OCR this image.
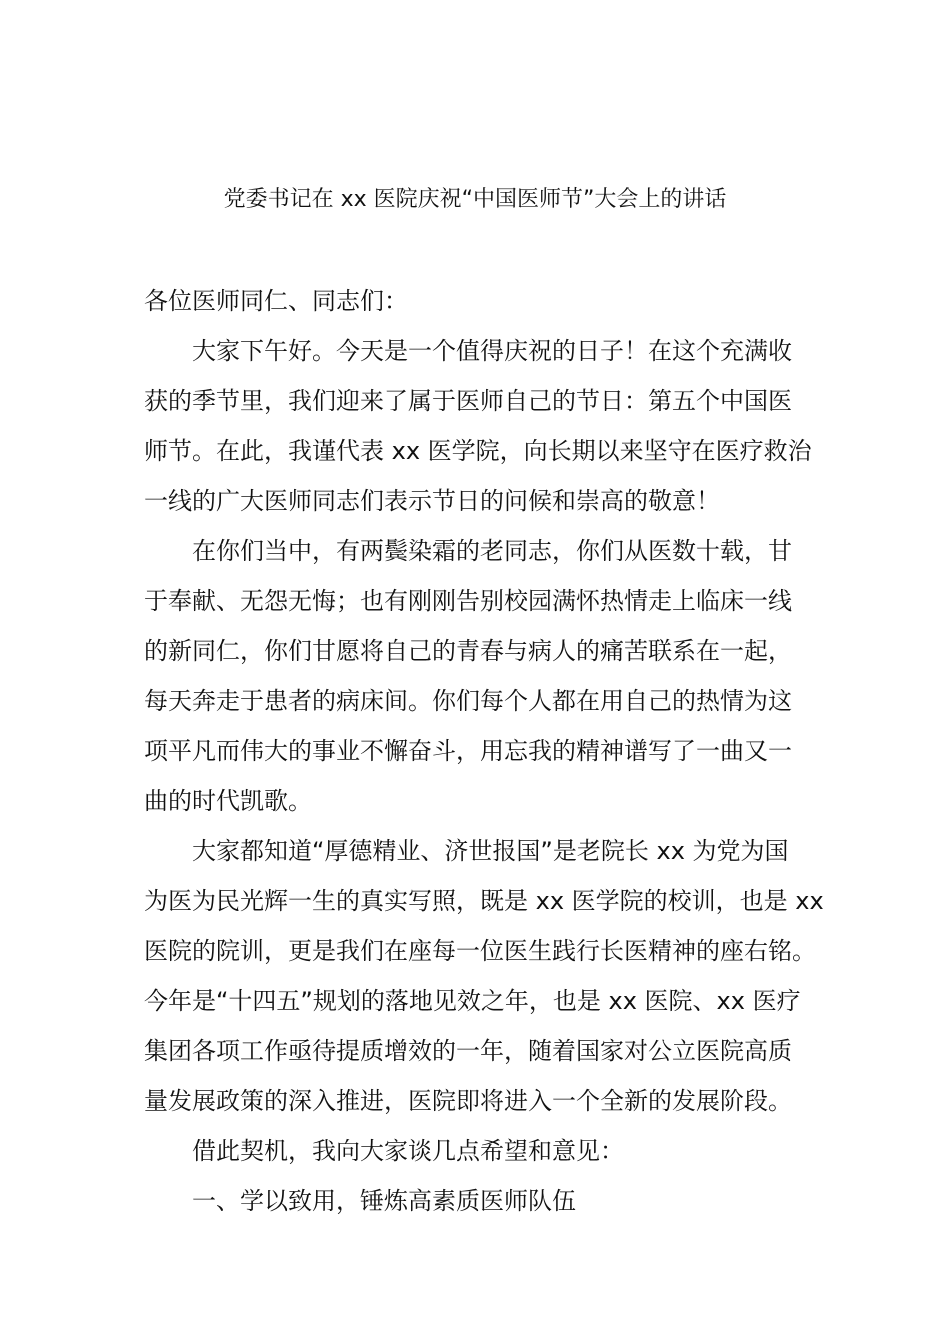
党委书记在 xx 医院庆祝“中国医师节”大会上的讲话
各位医师同仁、同志们：
大家下午好。今天是一个值得庆祝的日子！在这个充满收
获的季节里，我们迎来了属于医师自己的节日：第五个中国医
师节。在此，我谨代表 xx 医学院，向长期以来坚守在医疗救治
一线的广大医师同志们表示节日的问候和崇高的敬意！
在你们当中，有两鬓染霜的老同志，你们从医数十载，甘
于奉献、无怨无悔；也有刚刚告别校园满怀热情走上临床一线
的新同仁，你们甘愿将自己的青春与病人的痛苦联系在一起，
每天奔走于患者的病床间。你们每个人都在用自己的热情为这
项平凡而伟大的事业不懈奋斗，用忘我的精神谱写了一曲又一
曲的时代凯歌。
大家都知道“厚德精业、济世报国”是老院长 xx 为党为国
为医为民光辉一生的真实写照，既是 xx 医学院的校训，也是 xx
医院的院训，更是我们在座每一位医生践行长医精神的座右铭。
今年是“十四五”规划的落地见效之年，也是 xx 医院、xx 医疗
集团各项工作亟待提质增效的一年，随着国家对公立医院高质
量发展政策的深入推进，医院即将进入一个全新的发展阶段。
借此契机，我向大家谈几点希望和意见：
一、学以致用，锤炼高素质医师队伍
